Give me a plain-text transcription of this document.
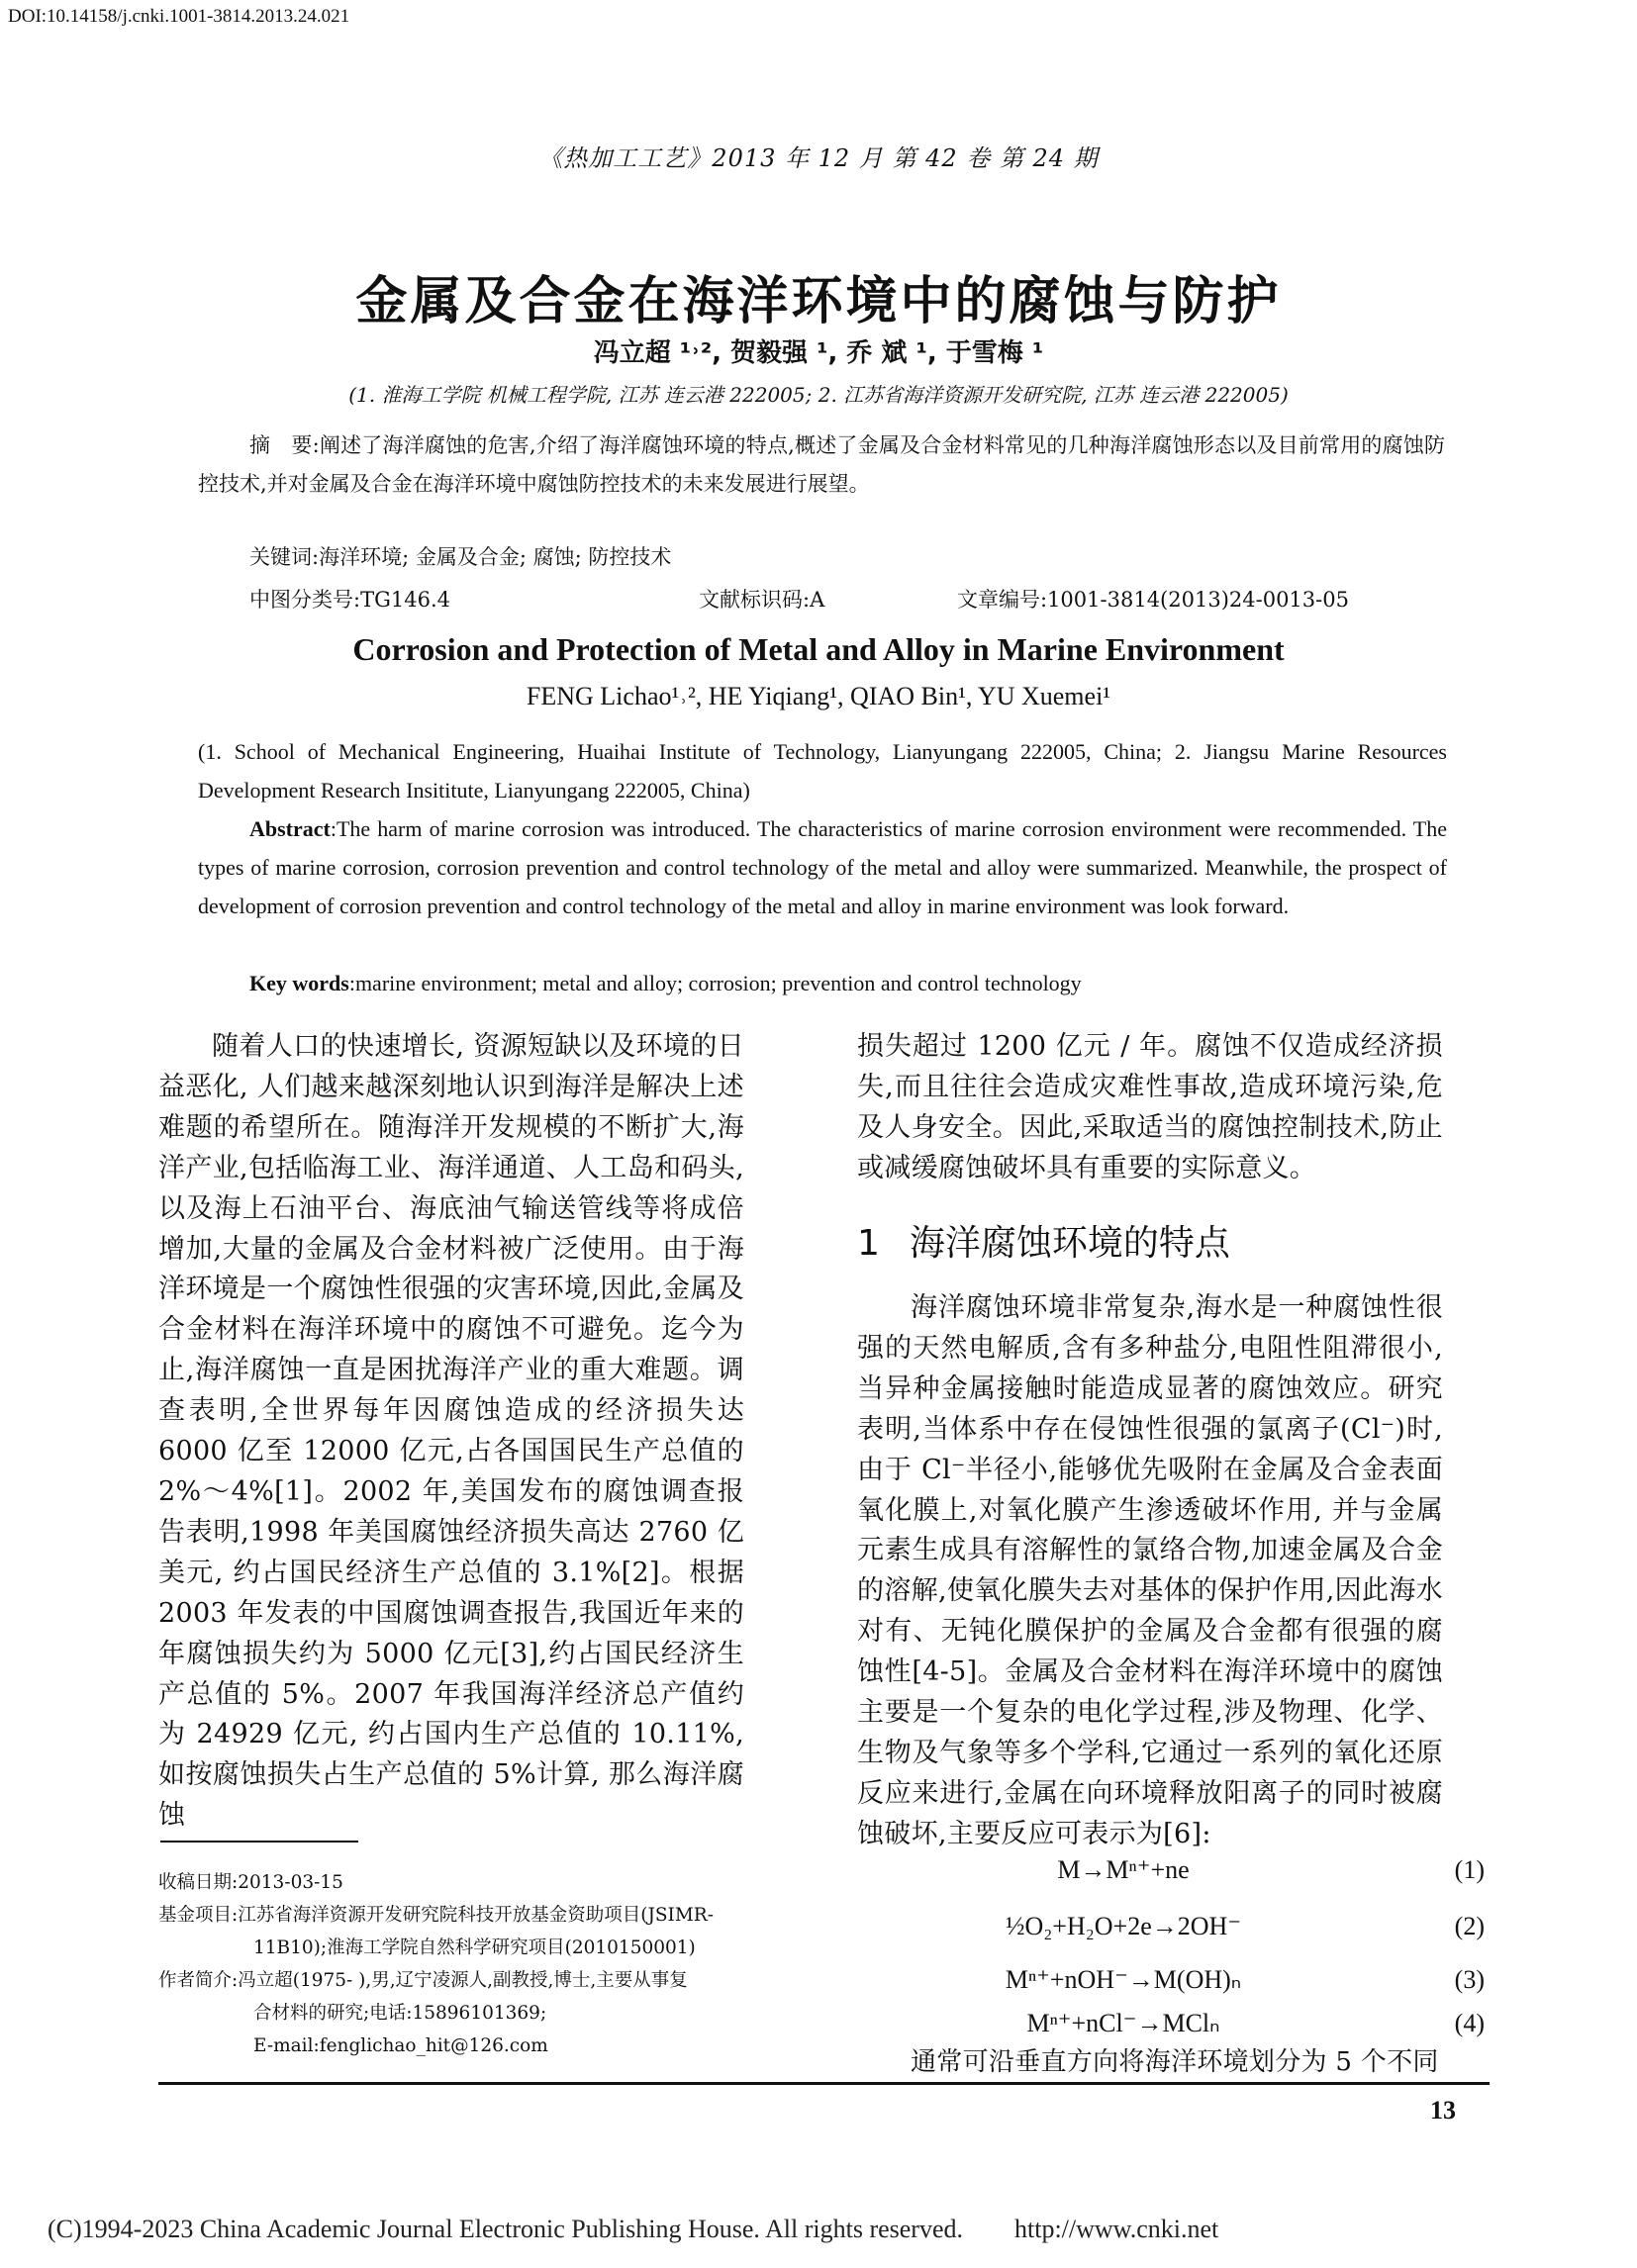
DOI:10.14158/j.cnki.1001-3814.2013.24.021
《热加工工艺》2013 年 12 月 第 42 卷 第 24 期
金属及合金在海洋环境中的腐蚀与防护
冯立超 ¹˒², 贺毅强 ¹, 乔 斌 ¹, 于雪梅 ¹
(1. 淮海工学院 机械工程学院, 江苏 连云港 222005; 2. 江苏省海洋资源开发研究院, 江苏 连云港 222005)
摘　要:阐述了海洋腐蚀的危害,介绍了海洋腐蚀环境的特点,概述了金属及合金材料常见的几种海洋腐蚀形态以及目前常用的腐蚀防控技术,并对金属及合金在海洋环境中腐蚀防控技术的未来发展进行展望。
关键词:海洋环境; 金属及合金; 腐蚀; 防控技术
中图分类号:TG146.4	文献标识码:A	文章编号:1001-3814(2013)24-0013-05
Corrosion and Protection of Metal and Alloy in Marine Environment
FENG Lichao¹˒², HE Yiqiang¹, QIAO Bin¹, YU Xuemei¹
(1. School of Mechanical Engineering, Huaihai Institute of Technology, Lianyungang 222005, China; 2. Jiangsu Marine Resources Development Research Insititute, Lianyungang 222005, China)
Abstract:The harm of marine corrosion was introduced. The characteristics of marine corrosion environment were recommended. The types of marine corrosion, corrosion prevention and control technology of the metal and alloy were summarized. Meanwhile, the prospect of development of corrosion prevention and control technology of the metal and alloy in marine environment was look forward.
Key words:marine environment; metal and alloy; corrosion; prevention and control technology

随着人口的快速增长, 资源短缺以及环境的日益恶化, 人们越来越深刻地认识到海洋是解决上述难题的希望所在。随海洋开发规模的不断扩大,海洋产业,包括临海工业、海洋通道、人工岛和码头,以及海上石油平台、海底油气输送管线等将成倍增加,大量的金属及合金材料被广泛使用。由于海洋环境是一个腐蚀性很强的灾害环境,因此,金属及合金材料在海洋环境中的腐蚀不可避免。迄今为止,海洋腐蚀一直是困扰海洋产业的重大难题。调查表明,全世界每年因腐蚀造成的经济损失达 6000 亿至 12000 亿元,占各国国民生产总值的 2%～4%[1]。2002 年,美国发布的腐蚀调查报告表明,1998 年美国腐蚀经济损失高达 2760 亿美元, 约占国民经济生产总值的 3.1%[2]。根据 2003 年发表的中国腐蚀调查报告,我国近年来的年腐蚀损失约为 5000 亿元[3],约占国民经济生产总值的 5%。2007 年我国海洋经济总产值约为 24929 亿元, 约占国内生产总值的 10.11%,如按腐蚀损失占生产总值的 5%计算, 那么海洋腐蚀

损失超过 1200 亿元 / 年。腐蚀不仅造成经济损失,而且往往会造成灾难性事故,造成环境污染,危及人身安全。因此,采取适当的腐蚀控制技术,防止或减缓腐蚀破坏具有重要的实际意义。

1 海洋腐蚀环境的特点

海洋腐蚀环境非常复杂,海水是一种腐蚀性很强的天然电解质,含有多种盐分,电阻性阻滞很小,当异种金属接触时能造成显著的腐蚀效应。研究表明,当体系中存在侵蚀性很强的氯离子(Cl⁻)时,由于 Cl⁻半径小,能够优先吸附在金属及合金表面氧化膜上,对氧化膜产生渗透破坏作用, 并与金属元素生成具有溶解性的氯络合物,加速金属及合金的溶解,使氧化膜失去对基体的保护作用,因此海水对有、无钝化膜保护的金属及合金都有很强的腐蚀性[4-5]。金属及合金材料在海洋环境中的腐蚀主要是一个复杂的电化学过程,涉及物理、化学、生物及气象等多个学科,它通过一系列的氧化还原反应来进行,金属在向环境释放阳离子的同时被腐蚀破坏,主要反应可表示为[6]:

M→Mⁿ⁺+ne	(1)
½O₂+H₂O+2e→2OH⁻	(2)
Mⁿ⁺+nOH⁻→M(OH)ₙ	(3)
Mⁿ⁺+nCl⁻→MClₙ	(4)

通常可沿垂直方向将海洋环境划分为 5 个不同

收稿日期:2013-03-15
基金项目:江苏省海洋资源开发研究院科技开放基金资助项目(JSIMR-
11B10);淮海工学院自然科学研究项目(2010150001)
作者简介:冯立超(1975- ),男,辽宁凌源人,副教授,博士,主要从事复
合材料的研究;电话:15896101369;
E-mail:fenglichao_hit@126.com
13
(C)1994-2023 China Academic Journal Electronic Publishing House. All rights reserved.　　http://www.cnki.net
